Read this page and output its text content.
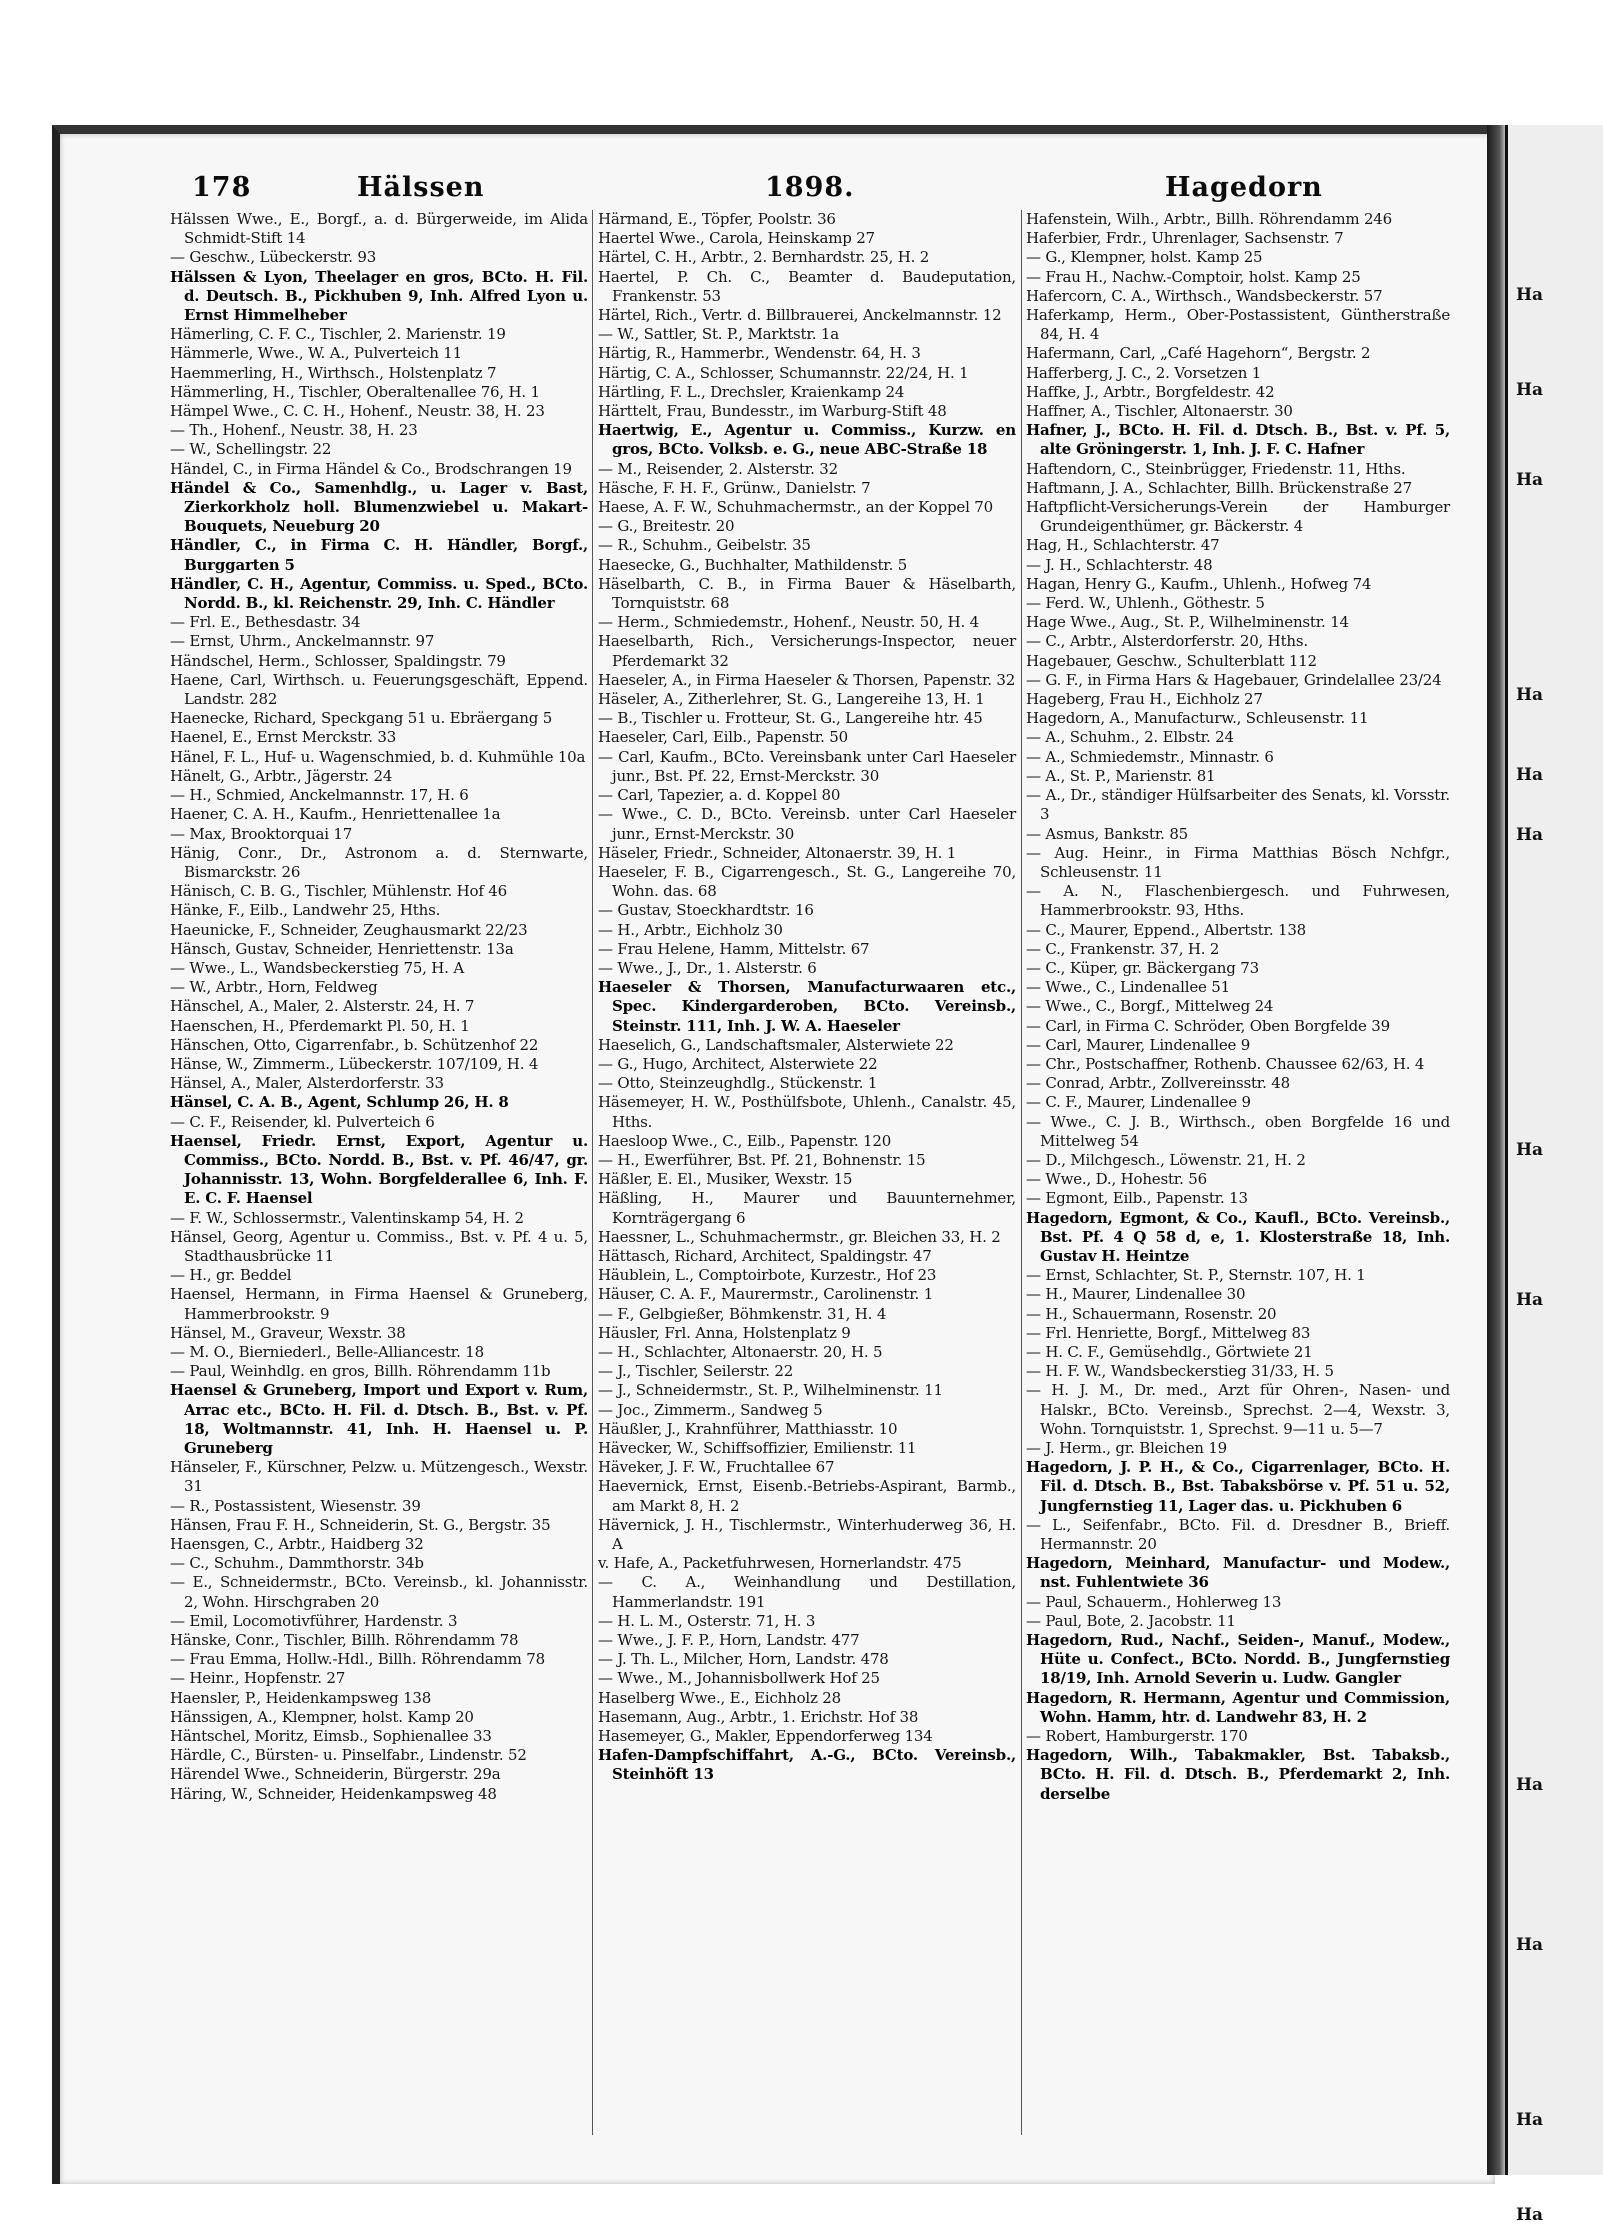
Ha
Ha
Ha
Ha
Ha
Ha
Ha
Ha
Ha
Ha
Ha
Ha
178	Hälssen	1898.	Hagedorn

Hälssen Wwe., E., Borgf., a. d. Bürgerweide, im Alida Schmidt-Stift 14

— Geschw., Lübeckerstr. 93

Hälssen & Lyon, Theelager en gros, BCto. H. Fil. d. Deutsch. B., Pickhuben 9, Inh. Alfred Lyon u. Ernst Himmelheber

Hämerling, C. F. C., Tischler, 2. Marienstr. 19

Hämmerle, Wwe., W. A., Pulverteich 11

Haemmerling, H., Wirthsch., Holstenplatz 7

Hämmerling, H., Tischler, Oberaltenallee 76, H. 1

Hämpel Wwe., C. C. H., Hohenf., Neustr. 38, H. 23

— Th., Hohenf., Neustr. 38, H. 23

— W., Schellingstr. 22

Händel, C., in Firma Händel & Co., Brodschrangen 19

Händel & Co., Samenhdlg., u. Lager v. Bast, Zierkorkholz holl. Blumenzwiebel u. Makart-Bouquets, Neueburg 20

Händler, C., in Firma C. H. Händler, Borgf., Burggarten 5

Händler, C. H., Agentur, Commiss. u. Sped., BCto. Nordd. B., kl. Reichenstr. 29, Inh. C. Händler

— Frl. E., Bethesdastr. 34

— Ernst, Uhrm., Anckelmannstr. 97

Händschel, Herm., Schlosser, Spaldingstr. 79

Haene, Carl, Wirthsch. u. Feuerungsgeschäft, Eppend. Landstr. 282

Haenecke, Richard, Speckgang 51 u. Ebräergang 5

Haenel, E., Ernst Merckstr. 33

Hänel, F. L., Huf- u. Wagenschmied, b. d. Kuhmühle 10a

Hänelt, G., Arbtr., Jägerstr. 24

— H., Schmied, Anckelmannstr. 17, H. 6

Haener, C. A. H., Kaufm., Henriettenallee 1a

— Max, Brooktorquai 17

Hänig, Conr., Dr., Astronom a. d. Sternwarte, Bismarckstr. 26

Hänisch, C. B. G., Tischler, Mühlenstr. Hof 46

Hänke, F., Eilb., Landwehr 25, Hths.

Haeunicke, F., Schneider, Zeughausmarkt 22/23

Hänsch, Gustav, Schneider, Henriettenstr. 13a

— Wwe., L., Wandsbeckerstieg 75, H. A

— W., Arbtr., Horn, Feldweg

Hänschel, A., Maler, 2. Alsterstr. 24, H. 7

Haenschen, H., Pferdemarkt Pl. 50, H. 1

Hänschen, Otto, Cigarrenfabr., b. Schützenhof 22

Hänse, W., Zimmerm., Lübeckerstr. 107/109, H. 4

Hänsel, A., Maler, Alsterdorferstr. 33

Hänsel, C. A. B., Agent, Schlump 26, H. 8

— C. F., Reisender, kl. Pulverteich 6

Haensel, Friedr. Ernst, Export, Agentur u. Commiss., BCto. Nordd. B., Bst. v. Pf. 46/47, gr. Johannisstr. 13, Wohn. Borgfelderallee 6, Inh. F. E. C. F. Haensel

— F. W., Schlossermstr., Valentinskamp 54, H. 2

Hänsel, Georg, Agentur u. Commiss., Bst. v. Pf. 4 u. 5, Stadthausbrücke 11

— H., gr. Beddel

Haensel, Hermann, in Firma Haensel & Gruneberg, Hammerbrookstr. 9

Hänsel, M., Graveur, Wexstr. 38

— M. O., Bierniederl., Belle-Alliancestr. 18

— Paul, Weinhdlg. en gros, Billh. Röhrendamm 11b

Haensel & Gruneberg, Import und Export v. Rum, Arrac etc., BCto. H. Fil. d. Dtsch. B., Bst. v. Pf. 18, Woltmannstr. 41, Inh. H. Haensel u. P. Gruneberg

Hänseler, F., Kürschner, Pelzw. u. Mützengesch., Wexstr. 31

— R., Postassistent, Wiesenstr. 39

Hänsen, Frau F. H., Schneiderin, St. G., Bergstr. 35

Haensgen, C., Arbtr., Haidberg 32

— C., Schuhm., Dammthorstr. 34b

— E., Schneidermstr., BCto. Vereinsb., kl. Johannisstr. 2, Wohn. Hirschgraben 20

— Emil, Locomotivführer, Hardenstr. 3

Hänske, Conr., Tischler, Billh. Röhrendamm 78

— Frau Emma, Hollw.-Hdl., Billh. Röhrendamm 78

— Heinr., Hopfenstr. 27

Haensler, P., Heidenkampsweg 138

Hänssigen, A., Klempner, holst. Kamp 20

Häntschel, Moritz, Eimsb., Sophienallee 33

Härdle, C., Bürsten- u. Pinselfabr., Lindenstr. 52

Härendel Wwe., Schneiderin, Bürgerstr. 29a

Häring, W., Schneider, Heidenkampsweg 48

Härmand, E., Töpfer, Poolstr. 36

Haertel Wwe., Carola, Heinskamp 27

Härtel, C. H., Arbtr., 2. Bernhardstr. 25, H. 2

Haertel, P. Ch. C., Beamter d. Baudeputation, Frankenstr. 53

Härtel, Rich., Vertr. d. Billbrauerei, Anckelmannstr. 12

— W., Sattler, St. P., Marktstr. 1a

Härtig, R., Hammerbr., Wendenstr. 64, H. 3

Härtig, C. A., Schlosser, Schumannstr. 22/24, H. 1

Härtling, F. L., Drechsler, Kraienkamp 24

Härttelt, Frau, Bundesstr., im Warburg-Stift 48

Haertwig, E., Agentur u. Commiss., Kurzw. en gros, BCto. Volksb. e. G., neue ABC-Straße 18

— M., Reisender, 2. Alsterstr. 32

Häsche, F. H. F., Grünw., Danielstr. 7

Haese, A. F. W., Schuhmachermstr., an der Koppel 70

— G., Breitestr. 20

— R., Schuhm., Geibelstr. 35

Haesecke, G., Buchhalter, Mathildenstr. 5

Häselbarth, C. B., in Firma Bauer & Häselbarth, Tornquiststr. 68

— Herm., Schmiedemstr., Hohenf., Neustr. 50, H. 4

Haeselbarth, Rich., Versicherungs-Inspector, neuer Pferdemarkt 32

Haeseler, A., in Firma Haeseler & Thorsen, Papenstr. 32

Häseler, A., Zitherlehrer, St. G., Langereihe 13, H. 1

— B., Tischler u. Frotteur, St. G., Langereihe htr. 45

Haeseler, Carl, Eilb., Papenstr. 50

— Carl, Kaufm., BCto. Vereinsbank unter Carl Haeseler junr., Bst. Pf. 22, Ernst-Merckstr. 30

— Carl, Tapezier, a. d. Koppel 80

— Wwe., C. D., BCto. Vereinsb. unter Carl Haeseler junr., Ernst-Merckstr. 30

Häseler, Friedr., Schneider, Altonaerstr. 39, H. 1

Haeseler, F. B., Cigarrengesch., St. G., Langereihe 70, Wohn. das. 68

— Gustav, Stoeckhardtstr. 16

— H., Arbtr., Eichholz 30

— Frau Helene, Hamm, Mittelstr. 67

— Wwe., J., Dr., 1. Alsterstr. 6

Haeseler & Thorsen, Manufacturwaaren etc., Spec. Kindergarderoben, BCto. Vereinsb., Steinstr. 111, Inh. J. W. A. Haeseler

Haeselich, G., Landschaftsmaler, Alsterwiete 22

— G., Hugo, Architect, Alsterwiete 22

— Otto, Steinzeughdlg., Stückenstr. 1

Häsemeyer, H. W., Posthülfsbote, Uhlenh., Canalstr. 45, Hths.

Haesloop Wwe., C., Eilb., Papenstr. 120

— H., Ewerführer, Bst. Pf. 21, Bohnenstr. 15

Häßler, E. El., Musiker, Wexstr. 15

Häßling, H., Maurer und Bauunternehmer, Kornträgergang 6

Haessner, L., Schuhmachermstr., gr. Bleichen 33, H. 2

Hättasch, Richard, Architect, Spaldingstr. 47

Häublein, L., Comptoirbote, Kurzestr., Hof 23

Häuser, C. A. F., Maurermstr., Carolinenstr. 1

— F., Gelbgießer, Böhmkenstr. 31, H. 4

Häusler, Frl. Anna, Holstenplatz 9

— H., Schlachter, Altonaerstr. 20, H. 5

— J., Tischler, Seilerstr. 22

— J., Schneidermstr., St. P., Wilhelminenstr. 11

— Joc., Zimmerm., Sandweg 5

Häußler, J., Krahnführer, Matthiasstr. 10

Hävecker, W., Schiffsoffizier, Emilienstr. 11

Häveker, J. F. W., Fruchtallee 67

Haevernick, Ernst, Eisenb.-Betriebs-Aspirant, Barmb., am Markt 8, H. 2

Hävernick, J. H., Tischlermstr., Winterhuderweg 36, H. A

v. Hafe, A., Packetfuhrwesen, Hornerlandstr. 475

— C. A., Weinhandlung und Destillation, Hammerlandstr. 191

— H. L. M., Osterstr. 71, H. 3

— Wwe., J. F. P., Horn, Landstr. 477

— J. Th. L., Milcher, Horn, Landstr. 478

— Wwe., M., Johannisbollwerk Hof 25

Haselberg Wwe., E., Eichholz 28

Hasemann, Aug., Arbtr., 1. Erichstr. Hof 38

Hasemeyer, G., Makler, Eppendorferweg 134

Hafen-Dampfschiffahrt, A.-G., BCto. Vereinsb., Steinhöft 13

Hafenstein, Wilh., Arbtr., Billh. Röhrendamm 246

Haferbier, Frdr., Uhrenlager, Sachsenstr. 7

— G., Klempner, holst. Kamp 25

— Frau H., Nachw.-Comptoir, holst. Kamp 25

Hafercorn, C. A., Wirthsch., Wandsbeckerstr. 57

Haferkamp, Herm., Ober-Postassistent, Güntherstraße 84, H. 4

Hafermann, Carl, „Café Hagehorn“, Bergstr. 2

Hafferberg, J. C., 2. Vorsetzen 1

Haffke, J., Arbtr., Borgfeldestr. 42

Haffner, A., Tischler, Altonaerstr. 30

Hafner, J., BCto. H. Fil. d. Dtsch. B., Bst. v. Pf. 5, alte Gröningerstr. 1, Inh. J. F. C. Hafner

Haftendorn, C., Steinbrügger, Friedenstr. 11, Hths.

Haftmann, J. A., Schlachter, Billh. Brückenstraße 27

Haftpflicht-Versicherungs-Verein der Hamburger Grundeigenthümer, gr. Bäckerstr. 4

Hag, H., Schlachterstr. 47

— J. H., Schlachterstr. 48

Hagan, Henry G., Kaufm., Uhlenh., Hofweg 74

— Ferd. W., Uhlenh., Göthestr. 5

Hage Wwe., Aug., St. P., Wilhelminenstr. 14

— C., Arbtr., Alsterdorferstr. 20, Hths.

Hagebauer, Geschw., Schulterblatt 112

— G. F., in Firma Hars & Hagebauer, Grindelallee 23/24

Hageberg, Frau H., Eichholz 27

Hagedorn, A., Manufacturw., Schleusenstr. 11

— A., Schuhm., 2. Elbstr. 24

— A., Schmiedemstr., Minnastr. 6

— A., St. P., Marienstr. 81

— A., Dr., ständiger Hülfsarbeiter des Senats, kl. Vorsstr. 3

— Asmus, Bankstr. 85

— Aug. Heinr., in Firma Matthias Bösch Nchfgr., Schleusenstr. 11

— A. N., Flaschenbiergesch. und Fuhrwesen, Hammerbrookstr. 93, Hths.

— C., Maurer, Eppend., Albertstr. 138

— C., Frankenstr. 37, H. 2

— C., Küper, gr. Bäckergang 73

— Wwe., C., Lindenallee 51

— Wwe., C., Borgf., Mittelweg 24

— Carl, in Firma C. Schröder, Oben Borgfelde 39

— Carl, Maurer, Lindenallee 9

— Chr., Postschaffner, Rothenb. Chaussee 62/63, H. 4

— Conrad, Arbtr., Zollvereinsstr. 48

— C. F., Maurer, Lindenallee 9

— Wwe., C. J. B., Wirthsch., oben Borgfelde 16 und Mittelweg 54

— D., Milchgesch., Löwenstr. 21, H. 2

— Wwe., D., Hohestr. 56

— Egmont, Eilb., Papenstr. 13

Hagedorn, Egmont, & Co., Kaufl., BCto. Vereinsb., Bst. Pf. 4 Q 58 d, e, 1. Klosterstraße 18, Inh. Gustav H. Heintze

— Ernst, Schlachter, St. P., Sternstr. 107, H. 1

— H., Maurer, Lindenallee 30

— H., Schauermann, Rosenstr. 20

— Frl. Henriette, Borgf., Mittelweg 83

— H. C. F., Gemüsehdlg., Görtwiete 21

— H. F. W., Wandsbeckerstieg 31/33, H. 5

— H. J. M., Dr. med., Arzt für Ohren-, Nasen- und Halskr., BCto. Vereinsb., Sprechst. 2—4, Wexstr. 3, Wohn. Tornquiststr. 1, Sprechst. 9—11 u. 5—7

— J. Herm., gr. Bleichen 19

Hagedorn, J. P. H., & Co., Cigarrenlager, BCto. H. Fil. d. Dtsch. B., Bst. Tabaksbörse v. Pf. 51 u. 52, Jungfernstieg 11, Lager das. u. Pickhuben 6

— L., Seifenfabr., BCto. Fil. d. Dresdner B., Brieff. Hermannstr. 20

Hagedorn, Meinhard, Manufactur- und Modew., nst. Fuhlentwiete 36

— Paul, Schauerm., Hohlerweg 13

— Paul, Bote, 2. Jacobstr. 11

Hagedorn, Rud., Nachf., Seiden-, Manuf., Modew., Hüte u. Confect., BCto. Nordd. B., Jungfernstieg 18/19, Inh. Arnold Severin u. Ludw. Gangler

Hagedorn, R. Hermann, Agentur und Commission, Wohn. Hamm, htr. d. Landwehr 83, H. 2

— Robert, Hamburgerstr. 170

Hagedorn, Wilh., Tabakmakler, Bst. Tabaksb., BCto. H. Fil. d. Dtsch. B., Pferdemarkt 2, Inh. derselbe
